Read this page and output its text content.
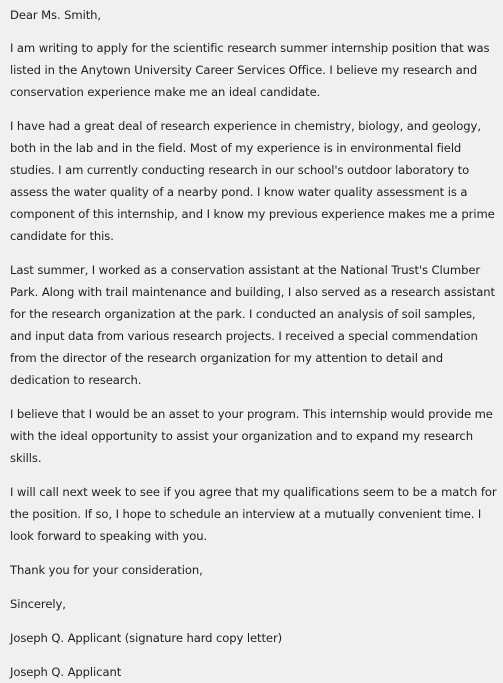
Dear Ms. Smith,

I am writing to apply for the scientific research summer internship position that was listed in the Anytown University Career Services Office. I believe my research and conservation experience make me an ideal candidate.

I have had a great deal of research experience in chemistry, biology, and geology, both in the lab and in the field. Most of my experience is in environmental field studies. I am currently conducting research in our school's outdoor laboratory to assess the water quality of a nearby pond. I know water quality assessment is a component of this internship, and I know my previous experience makes me a prime candidate for this.

Last summer, I worked as a conservation assistant at the National Trust's Clumber Park. Along with trail maintenance and building, I also served as a research assistant for the research organization at the park. I conducted an analysis of soil samples, and input data from various research projects. I received a special commendation from the director of the research organization for my attention to detail and dedication to research.

I believe that I would be an asset to your program. This internship would provide me with the ideal opportunity to assist your organization and to expand my research skills.

I will call next week to see if you agree that my qualifications seem to be a match for the position. If so, I hope to schedule an interview at a mutually convenient time. I look forward to speaking with you.

Thank you for your consideration,

Sincerely,

Joseph Q. Applicant (signature hard copy letter)

Joseph Q. Applicant
